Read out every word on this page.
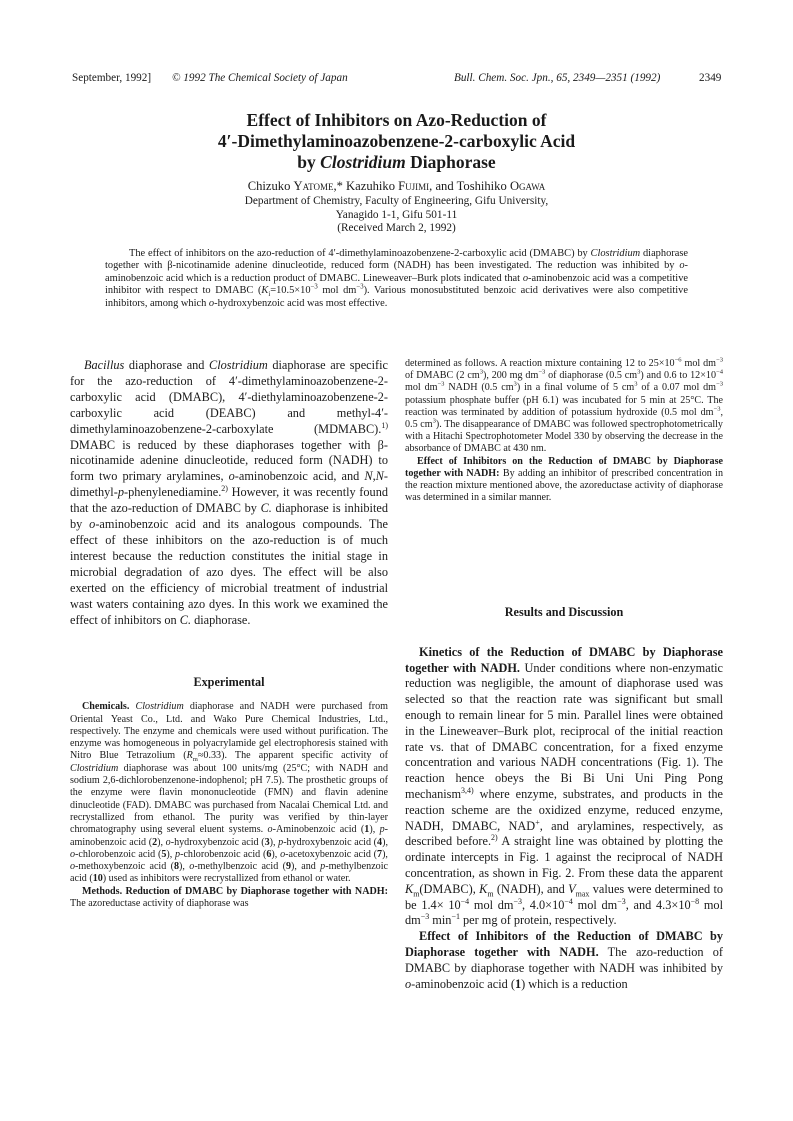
September, 1992] © 1992 The Chemical Society of Japan	Bull. Chem. Soc. Jpn., 65, 2349—2351 (1992)	2349
Effect of Inhibitors on Azo-Reduction of
4′-Dimethylaminoazobenzene-2-carboxylic Acid
by Clostridium Diaphorase
Chizuko Yatome,* Kazuhiko Fujimi, and Toshihiko Ogawa
Department of Chemistry, Faculty of Engineering, Gifu University,
Yanagido 1-1, Gifu 501-11
(Received March 2, 1992)
The effect of inhibitors on the azo-reduction of 4′-dimethylaminoazobenzene-2-carboxylic acid (DMABC) by Clostridium diaphorase together with β-nicotinamide adenine dinucleotide, reduced form (NADH) has been investigated. The reduction was inhibited by o-aminobenzoic acid which is a reduction product of DMABC. Lineweaver–Burk plots indicated that o-aminobenzoic acid was a competitive inhibitor with respect to DMABC ($K_i=10.5\times 10^{-3}$ mol $dm^{-3}$). Various monosubstituted benzoic acid derivatives were also competitive inhibitors, among which o-hydroxybenzoic acid was most effective.

Bacillus diaphorase and Clostridium diaphorase are specific for the azo-reduction of 4′-dimethylaminoazobenzene-2-carboxylic acid (DMABC), 4′-diethylaminoazobenzene-2-carboxylic acid (DEABC) and methyl-4′-dimethylaminoazobenzene-2-carboxylate (MDMABC).$^{1)}$ DMABC is reduced by these diaphorases together with β-nicotinamide adenine dinucleotide, reduced form (NADH) to form two primary arylamines, o-aminobenzoic acid, and N,N-dimethyl-p-phenylenediamine.$^{2)}$ However, it was recently found that the azo-reduction of DMABC by C. diaphorase is inhibited by o-aminobenzoic acid and its analogous compounds. The effect of these inhibitors on the azo-reduction is of much interest because the reduction constitutes the initial stage in microbial degradation of azo dyes. The effect will be also exerted on the efficiency of microbial treatment of industrial wast waters containing azo dyes. In this work we examined the effect of inhibitors on C. diaphorase.

Experimental

Chemicals. Clostridium diaphorase and NADH were purchased from Oriental Yeast Co., Ltd. and Wako Pure Chemical Industries, Ltd., respectively. The enzyme and chemicals were used without purification. The enzyme was homogeneous in polyacrylamide gel electrophoresis stained with Nitro Blue Tetrazolium $(R_m\approx 0.33)$. The apparent specific activity of Clostridium diaphorase was about 100 units/mg (25°C; with NADH and sodium 2,6-dichlorobenzenone-indophenol; pH 7.5). The prosthetic groups of the enzyme were flavin mononucleotide (FMN) and flavin adenine dinucleotide (FAD). DMABC was purchased from Nacalai Chemical Ltd. and recrystallized from ethanol. The purity was verified by thin-layer chromatography using several eluent systems. o-Aminobenzoic acid (1), p-aminobenzoic acid (2), o-hydroxybenzoic acid (3), p-hydroxybenzoic acid (4), o-chlorobenzoic acid (5), p-chlorobenzoic acid (6), o-acetoxybenzoic acid (7), o-methoxybenzoic acid (8), o-methylbenzoic acid (9), and p-methylbenzoic acid (10) used as inhibitors were recrystallized from ethanol or water.

Methods. Reduction of DMABC by Diaphorase together with NADH: The azoreductase activity of diaphorase was

determined as follows. A reaction mixture containing 12 to $25\times 10^{-6}$ mol $dm^{-3}$ of DMABC (2 $cm^3$), 200 mg $dm^{-3}$ of diaphorase (0.5 $cm^3$) and 0.6 to $12\times 10^{-4}$ mol $dm^{-3}$ NADH (0.5 $cm^3$) in a final volume of 5 $cm^3$ of a 0.07 mol $dm^{-3}$ potassium phosphate buffer (pH 6.1) was incubated for 5 min at 25°C. The reaction was terminated by addition of potassium hydroxide (0.5 mol $dm^{-3}$, 0.5 $cm^3$). The disappearance of DMABC was followed spectrophotometrically with a Hitachi Spectrophotometer Model 330 by observing the decrease in the absorbance of DMABC at 430 nm.

Effect of Inhibitors on the Reduction of DMABC by Diaphorase together with NADH: By adding an inhibitor of prescribed concentration in the reaction mixture mentioned above, the azoreductase activity of diaphorase was determined in a similar manner.

Results and Discussion

Kinetics of the Reduction of DMABC by Diaphorase together with NADH. Under conditions where non-enzymatic reduction was negligible, the amount of diaphorase used was selected so that the reaction rate was significant but small enough to remain linear for 5 min. Parallel lines were obtained in the Lineweaver–Burk plot, reciprocal of the initial reaction rate vs. that of DMABC concentration, for a fixed enzyme concentration and various NADH concentrations (Fig. 1). The reaction hence obeys the Bi Bi Uni Uni Ping Pong mechanism$^{3,4)}$ where enzyme, substrates, and products in the reaction scheme are the oxidized enzyme, reduced enzyme, NADH, DMABC, NAD+, and arylamines, respectively, as described before.$^{2)}$ A straight line was obtained by plotting the ordinate intercepts in Fig. 1 against the reciprocal of NADH concentration, as shown in Fig. 2. From these data the apparent $K_m(DMABC)$, $K_m$ (NADH), and $V_{max}$ values were determined to be $1.4\times 10^{-4}$ mol $dm^{-3}$, $4.0\times 10^{-4}$ mol $dm^{-3}$, and $4.3\times 10^{-8}$ mol $dm^{-3}$ $\min^{-1}$ per mg of protein, respectively.

Effect of Inhibitors of the Reduction of DMABC by Diaphorase together with NADH. The azo-reduction of DMABC by diaphorase together with NADH was inhibited by o-aminobenzoic acid (1) which is a reduction
